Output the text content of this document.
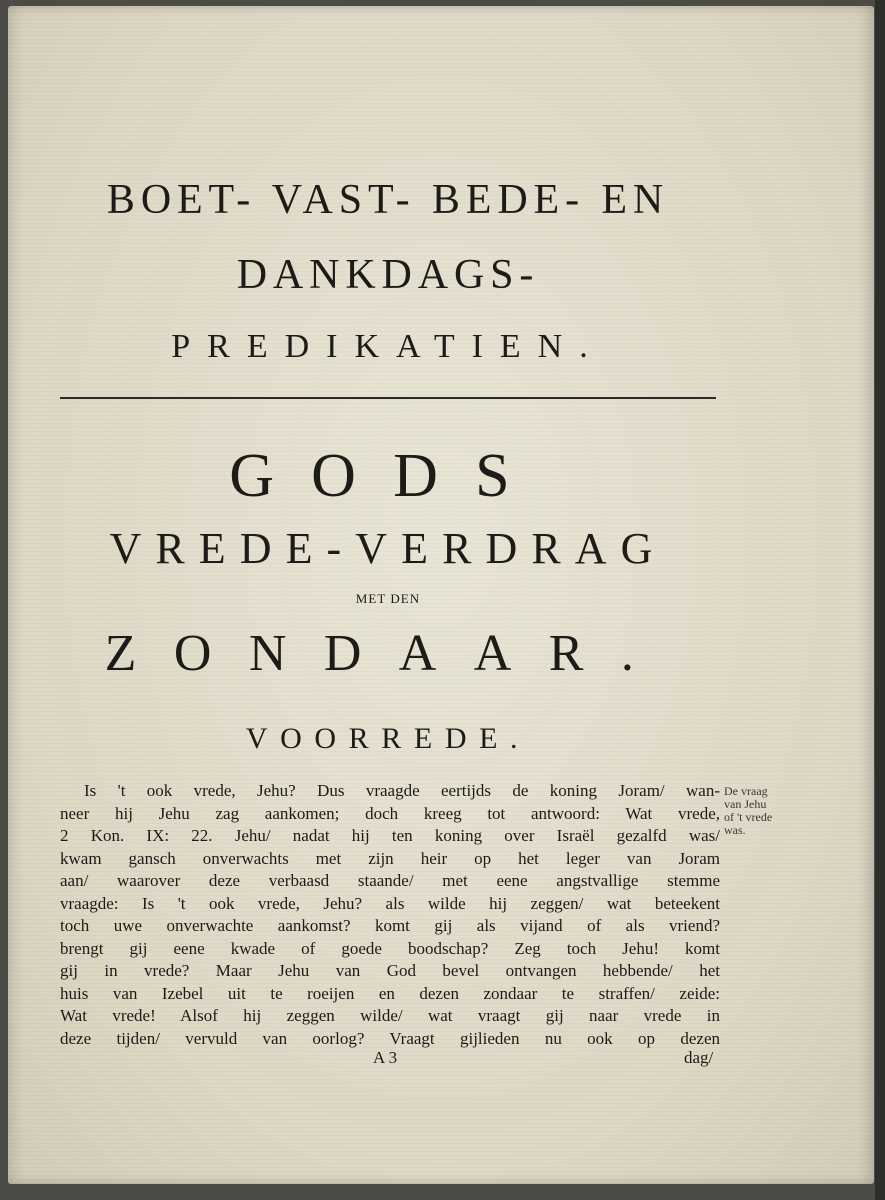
BOET- VAST- BEDE- EN
DANKDAGS-
PREDIKATIEN.
GODS
VREDE-VERDRAG
MET DEN
ZONDAAR.
VOORREDE.
Is 't ook vrede, Jehu? Dus vraagde eertijds de koning Joram/ wan-
neer hij Jehu zag aankomen; doch kreeg tot antwoord: Wat vrede,
2 Kon. IX: 22. Jehu/ nadat hij ten koning over Israël gezalfd was/
kwam gansch onverwachts met zijn heir op het leger van Joram
aan/ waarover deze verbaasd staande/ met eene angstvallige stemme
vraagde: Is 't ook vrede, Jehu? als wilde hij zeggen/ wat beteekent
toch uwe onverwachte aankomst? komt gij als vijand of als vriend?
brengt gij eene kwade of goede boodschap? Zeg toch Jehu! komt
gij in vrede? Maar Jehu van God bevel ontvangen hebbende/ het
huis van Izebel uit te roeijen en dezen zondaar te straffen/ zeide:
Wat vrede! Alsof hij zeggen wilde/ wat vraagt gij naar vrede in
deze tijden/ vervuld van oorlog? Vraagt gijlieden nu ook op dezen
De vraag
van Jehu
of 't vrede
was.
A 3	dag/
